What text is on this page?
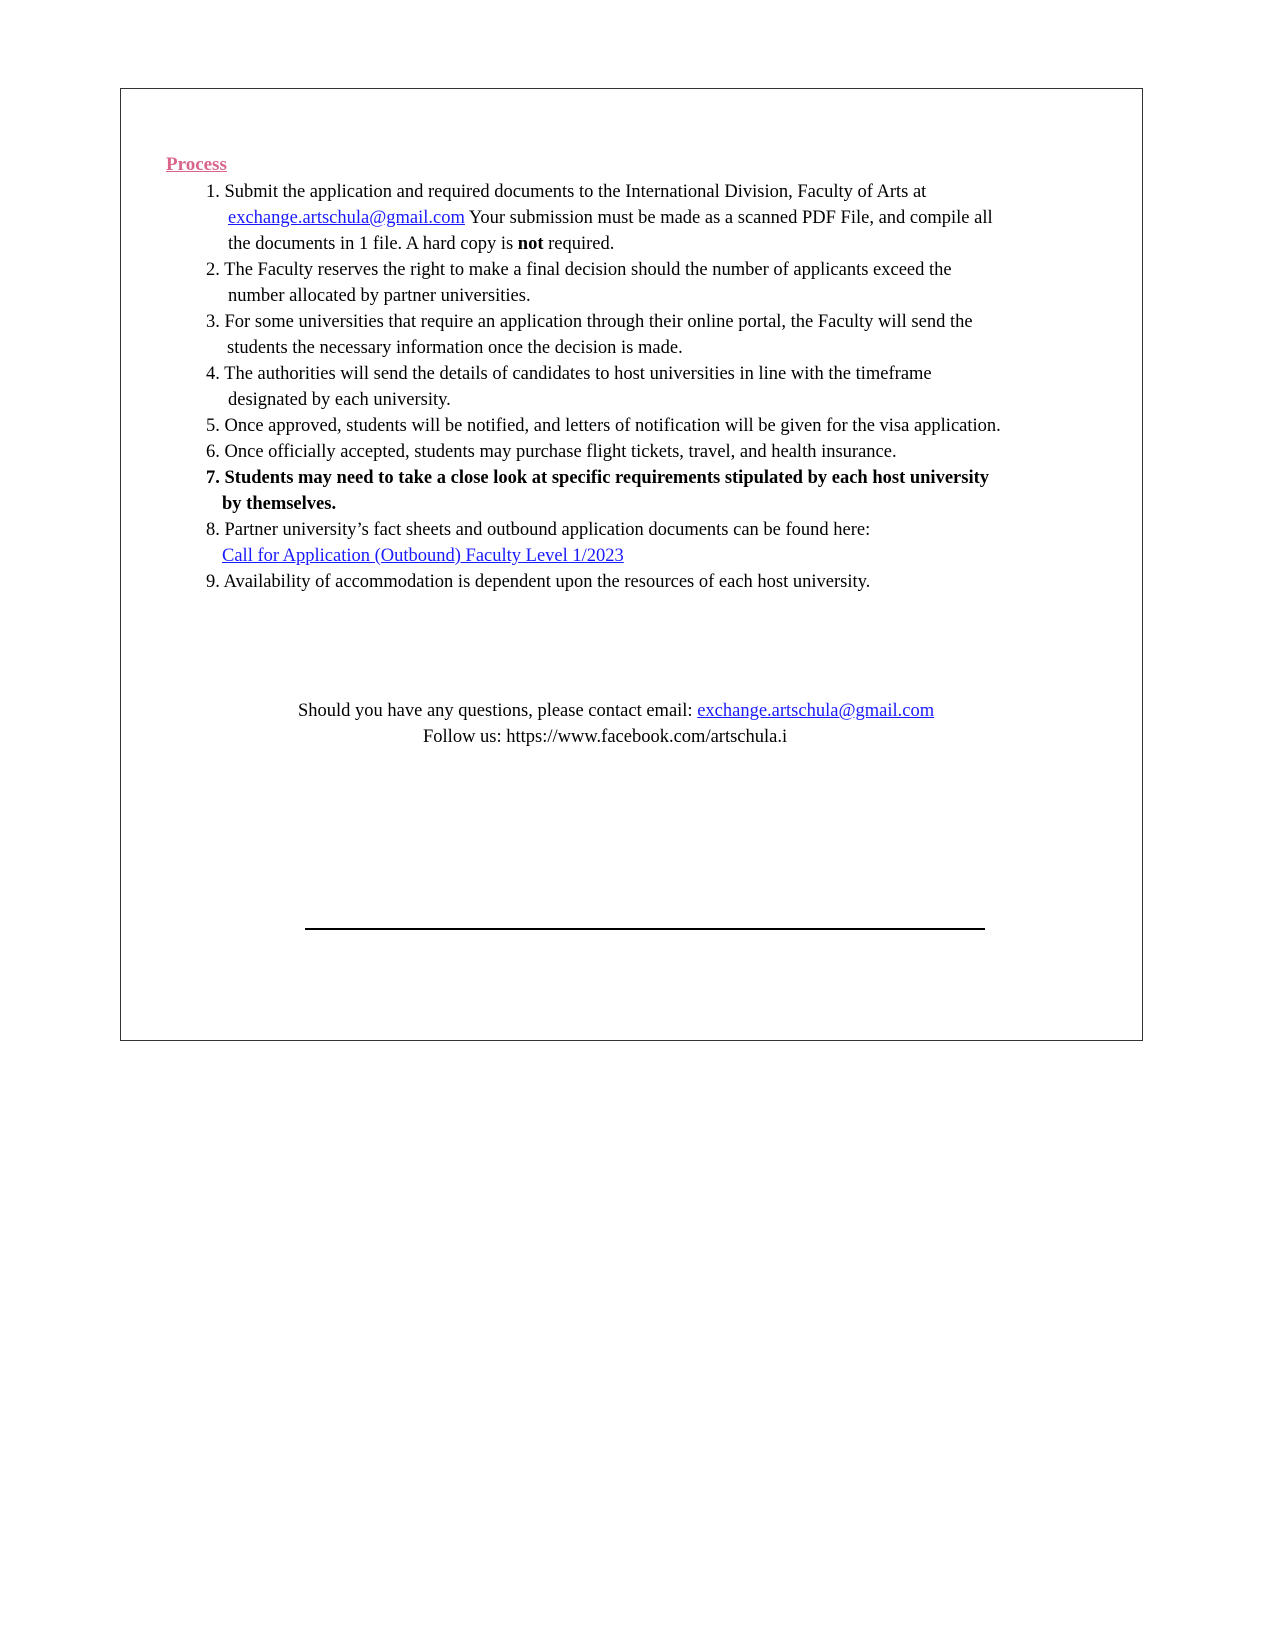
Process
1. Submit the application and required documents to the International Division, Faculty of Arts at
exchange.artschula@gmail.com Your submission must be made as a scanned PDF File, and compile all
the documents in 1 file. A hard copy is not required.
2. The Faculty reserves the right to make a final decision should the number of applicants exceed the
number allocated by partner universities.
3. For some universities that require an application through their online portal, the Faculty will send the
students the necessary information once the decision is made.
4. The authorities will send the details of candidates to host universities in line with the timeframe
designated by each university.
5. Once approved, students will be notified, and letters of notification will be given for the visa application.
6. Once officially accepted, students may purchase flight tickets, travel, and health insurance.
7. Students may need to take a close look at specific requirements stipulated by each host university
by themselves.
8. Partner university’s fact sheets and outbound application documents can be found here:
Call for Application (Outbound) Faculty Level 1/2023
9. Availability of accommodation is dependent upon the resources of each host university.
Should you have any questions, please contact email: exchange.artschula@gmail.com
Follow us: https://www.facebook.com/artschula.i
